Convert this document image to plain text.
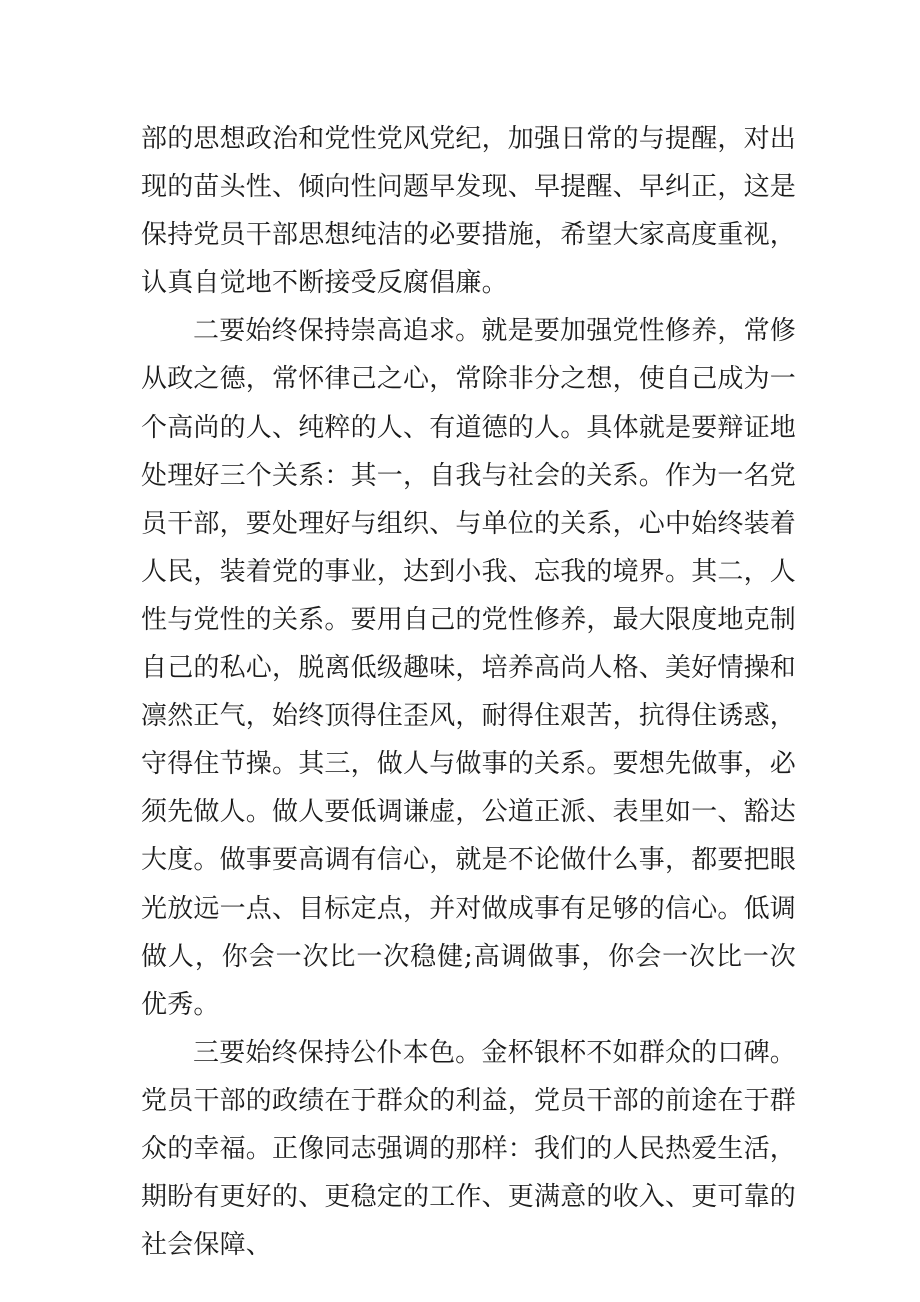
部的思想政治和党性党风党纪，加强日常的与提醒，对出现的苗头性、倾向性问题早发现、早提醒、早纠正，这是保持党员干部思想纯洁的必要措施，希望大家高度重视，认真自觉地不断接受反腐倡廉。

二要始终保持崇高追求。就是要加强党性修养，常修从政之德，常怀律己之心，常除非分之想，使自己成为一个高尚的人、纯粹的人、有道德的人。具体就是要辩证地处理好三个关系：其一，自我与社会的关系。作为一名党员干部，要处理好与组织、与单位的关系，心中始终装着人民，装着党的事业，达到小我、忘我的境界。其二，人性与党性的关系。要用自己的党性修养，最大限度地克制自己的私心，脱离低级趣味，培养高尚人格、美好情操和凛然正气，始终顶得住歪风，耐得住艰苦，抗得住诱惑，守得住节操。其三，做人与做事的关系。要想先做事，必须先做人。做人要低调谦虚，公道正派、表里如一、豁达大度。做事要高调有信心，就是不论做什么事，都要把眼光放远一点、目标定点，并对做成事有足够的信心。低调做人，你会一次比一次稳健;高调做事，你会一次比一次优秀。

三要始终保持公仆本色。金杯银杯不如群众的口碑。党员干部的政绩在于群众的利益，党员干部的前途在于群众的幸福。正像同志强调的那样：我们的人民热爱生活，期盼有更好的、更稳定的工作、更满意的收入、更可靠的社会保障、
